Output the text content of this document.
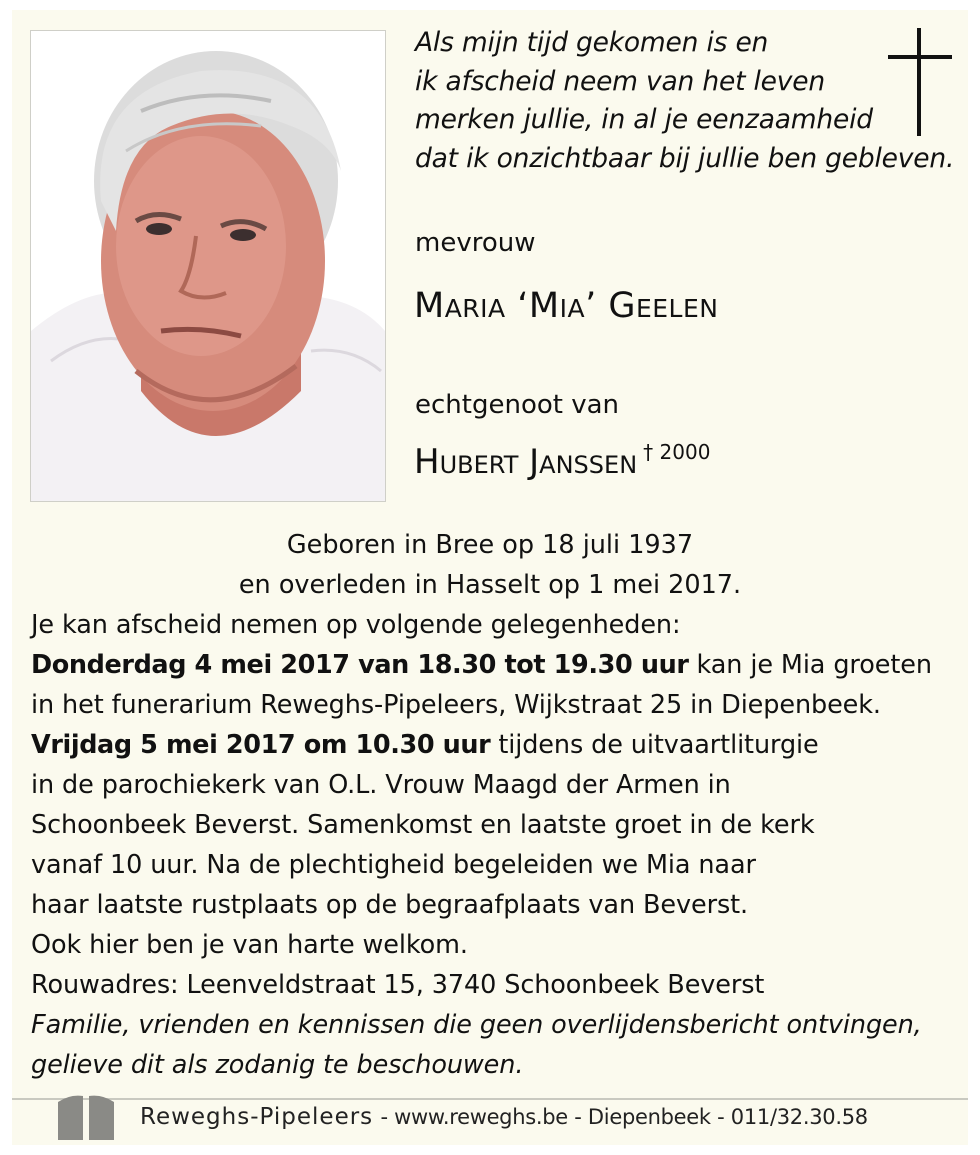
Als mijn tijd gekomen is en
ik afscheid neem van het leven
merken jullie, in al je eenzaamheid
dat ik onzichtbaar bij jullie ben gebleven.
mevrouw
Maria ‘Mia’ Geelen
echtgenoot van
Hubert Janssen $^{\dagger 2000}$
Geboren in Bree op 18 juli 1937
en overleden in Hasselt op 1 mei 2017.
Je kan afscheid nemen op volgende gelegenheden:
Donderdag 4 mei 2017 van 18.30 tot 19.30 uur kan je Mia groeten
in het funerarium Reweghs-Pipeleers, Wijkstraat 25 in Diepenbeek.
Vrijdag 5 mei 2017 om 10.30 uur tijdens de uitvaartliturgie
in de parochiekerk van O.L. Vrouw Maagd der Armen in
Schoonbeek Beverst. Samenkomst en laatste groet in de kerk
vanaf 10 uur. Na de plechtigheid begeleiden we Mia naar
haar laatste rustplaats op de begraafplaats van Beverst.
Ook hier ben je van harte welkom.
Rouwadres: Leenveldstraat 15, 3740 Schoonbeek Beverst
Familie, vrienden en kennissen die geen overlijdensbericht ontvingen,
gelieve dit als zodanig te beschouwen.
Reweghs-Pipeleers - www.reweghs.be - Diepenbeek - 011/32.30.58
